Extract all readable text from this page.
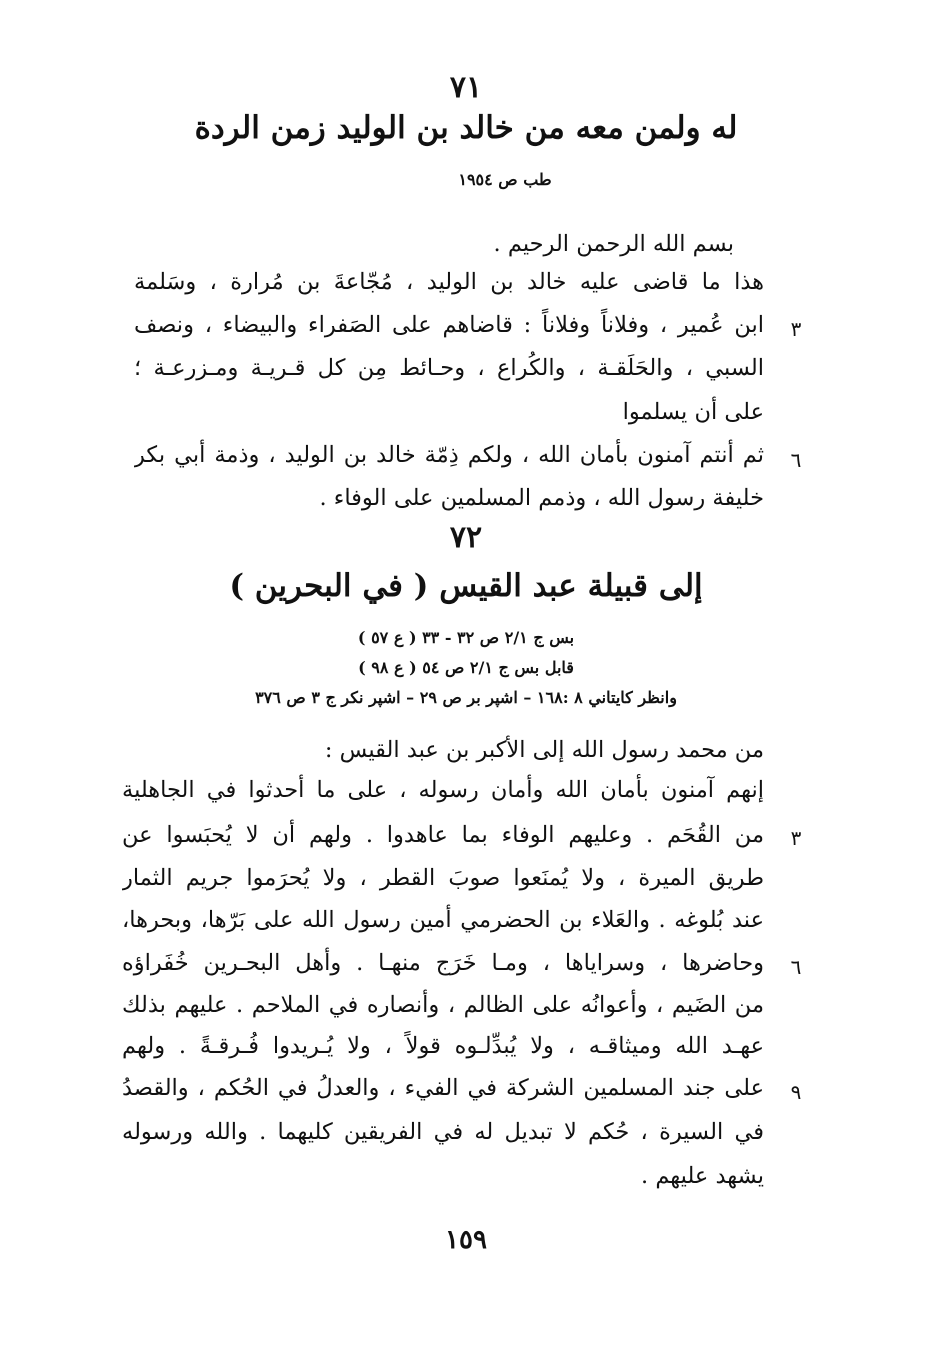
٧١
له ولمن معه من خالد بن الوليد زمن الردة
طب ص ١٩٥٤
بسم الله الرحمن الرحيم .
هذا ما قاضى عليه خالد بن الوليد ، مُجّاعةَ بن مُرارة ، وسَلمة
ابن عُمير ، وفلاناً وفلاناً : قاضاهم على الصَفراء والبيضاء ، ونصف
السبي ، والحَلَقـة ، والكُراع ، وحـائط مِن كل قـريـة ومـزرعـة ؛
على أن يسلموا
ثم أنتم آمنون بأمان الله ، ولكم ذِمّة خالد بن الوليد ، وذمة أبي بكر
خليفة رسول الله ، وذمم المسلمين على الوفاء .
٣
٦
٧٢
إلى قبيلة عبد القيس ( في البحرين )
بس ج ٢/١ ص ٣٢ - ٣٣ ( ع ٥٧ )
قابل بس ج ٢/١ ص ٥٤ ( ع ٩٨ )
وانظر كايتاني ٨ :١٦٨ – اشپر بر ص ٢٩ – اشپر نكر ج ٣ ص ٣٧٦
من محمد رسول الله إلى الأكبر بن عبد القيس :
إنهم آمنون بأمان الله وأمان رسوله ، على ما أحدثوا في الجاهلية
من القُحَم . وعليهم الوفاء بما عاهدوا . ولهم أن لا يُحبَسوا عن
طريق الميرة ، ولا يُمنَعوا صوبَ القطر ، ولا يُحرَموا جريم الثمار
عند بُلوغه . والعَلاء بن الحضرمي أمين رسول الله على بَرّها، وبحرها،
وحاضرها ، وسراياها ، ومـا خَرَج منهـا . وأهل البحـرين خُفَراؤه
من الضَيم ، وأعوانُه على الظالم ، وأنصاره في الملاحم . عليهم بذلك
عهـد الله وميثاقـه ، ولا يُبدِّلـوه قولاً ، ولا يُـريدوا فُـرقـةً . ولهم
على جند المسلمين الشركة في الفيء ، والعدلُ في الحُكم ، والقصدُ
في السيرة ، حُكم لا تبديل له في الفريقين كليهما . والله ورسوله
يشهد عليهم .
٣
٦
٩
١٥٩
